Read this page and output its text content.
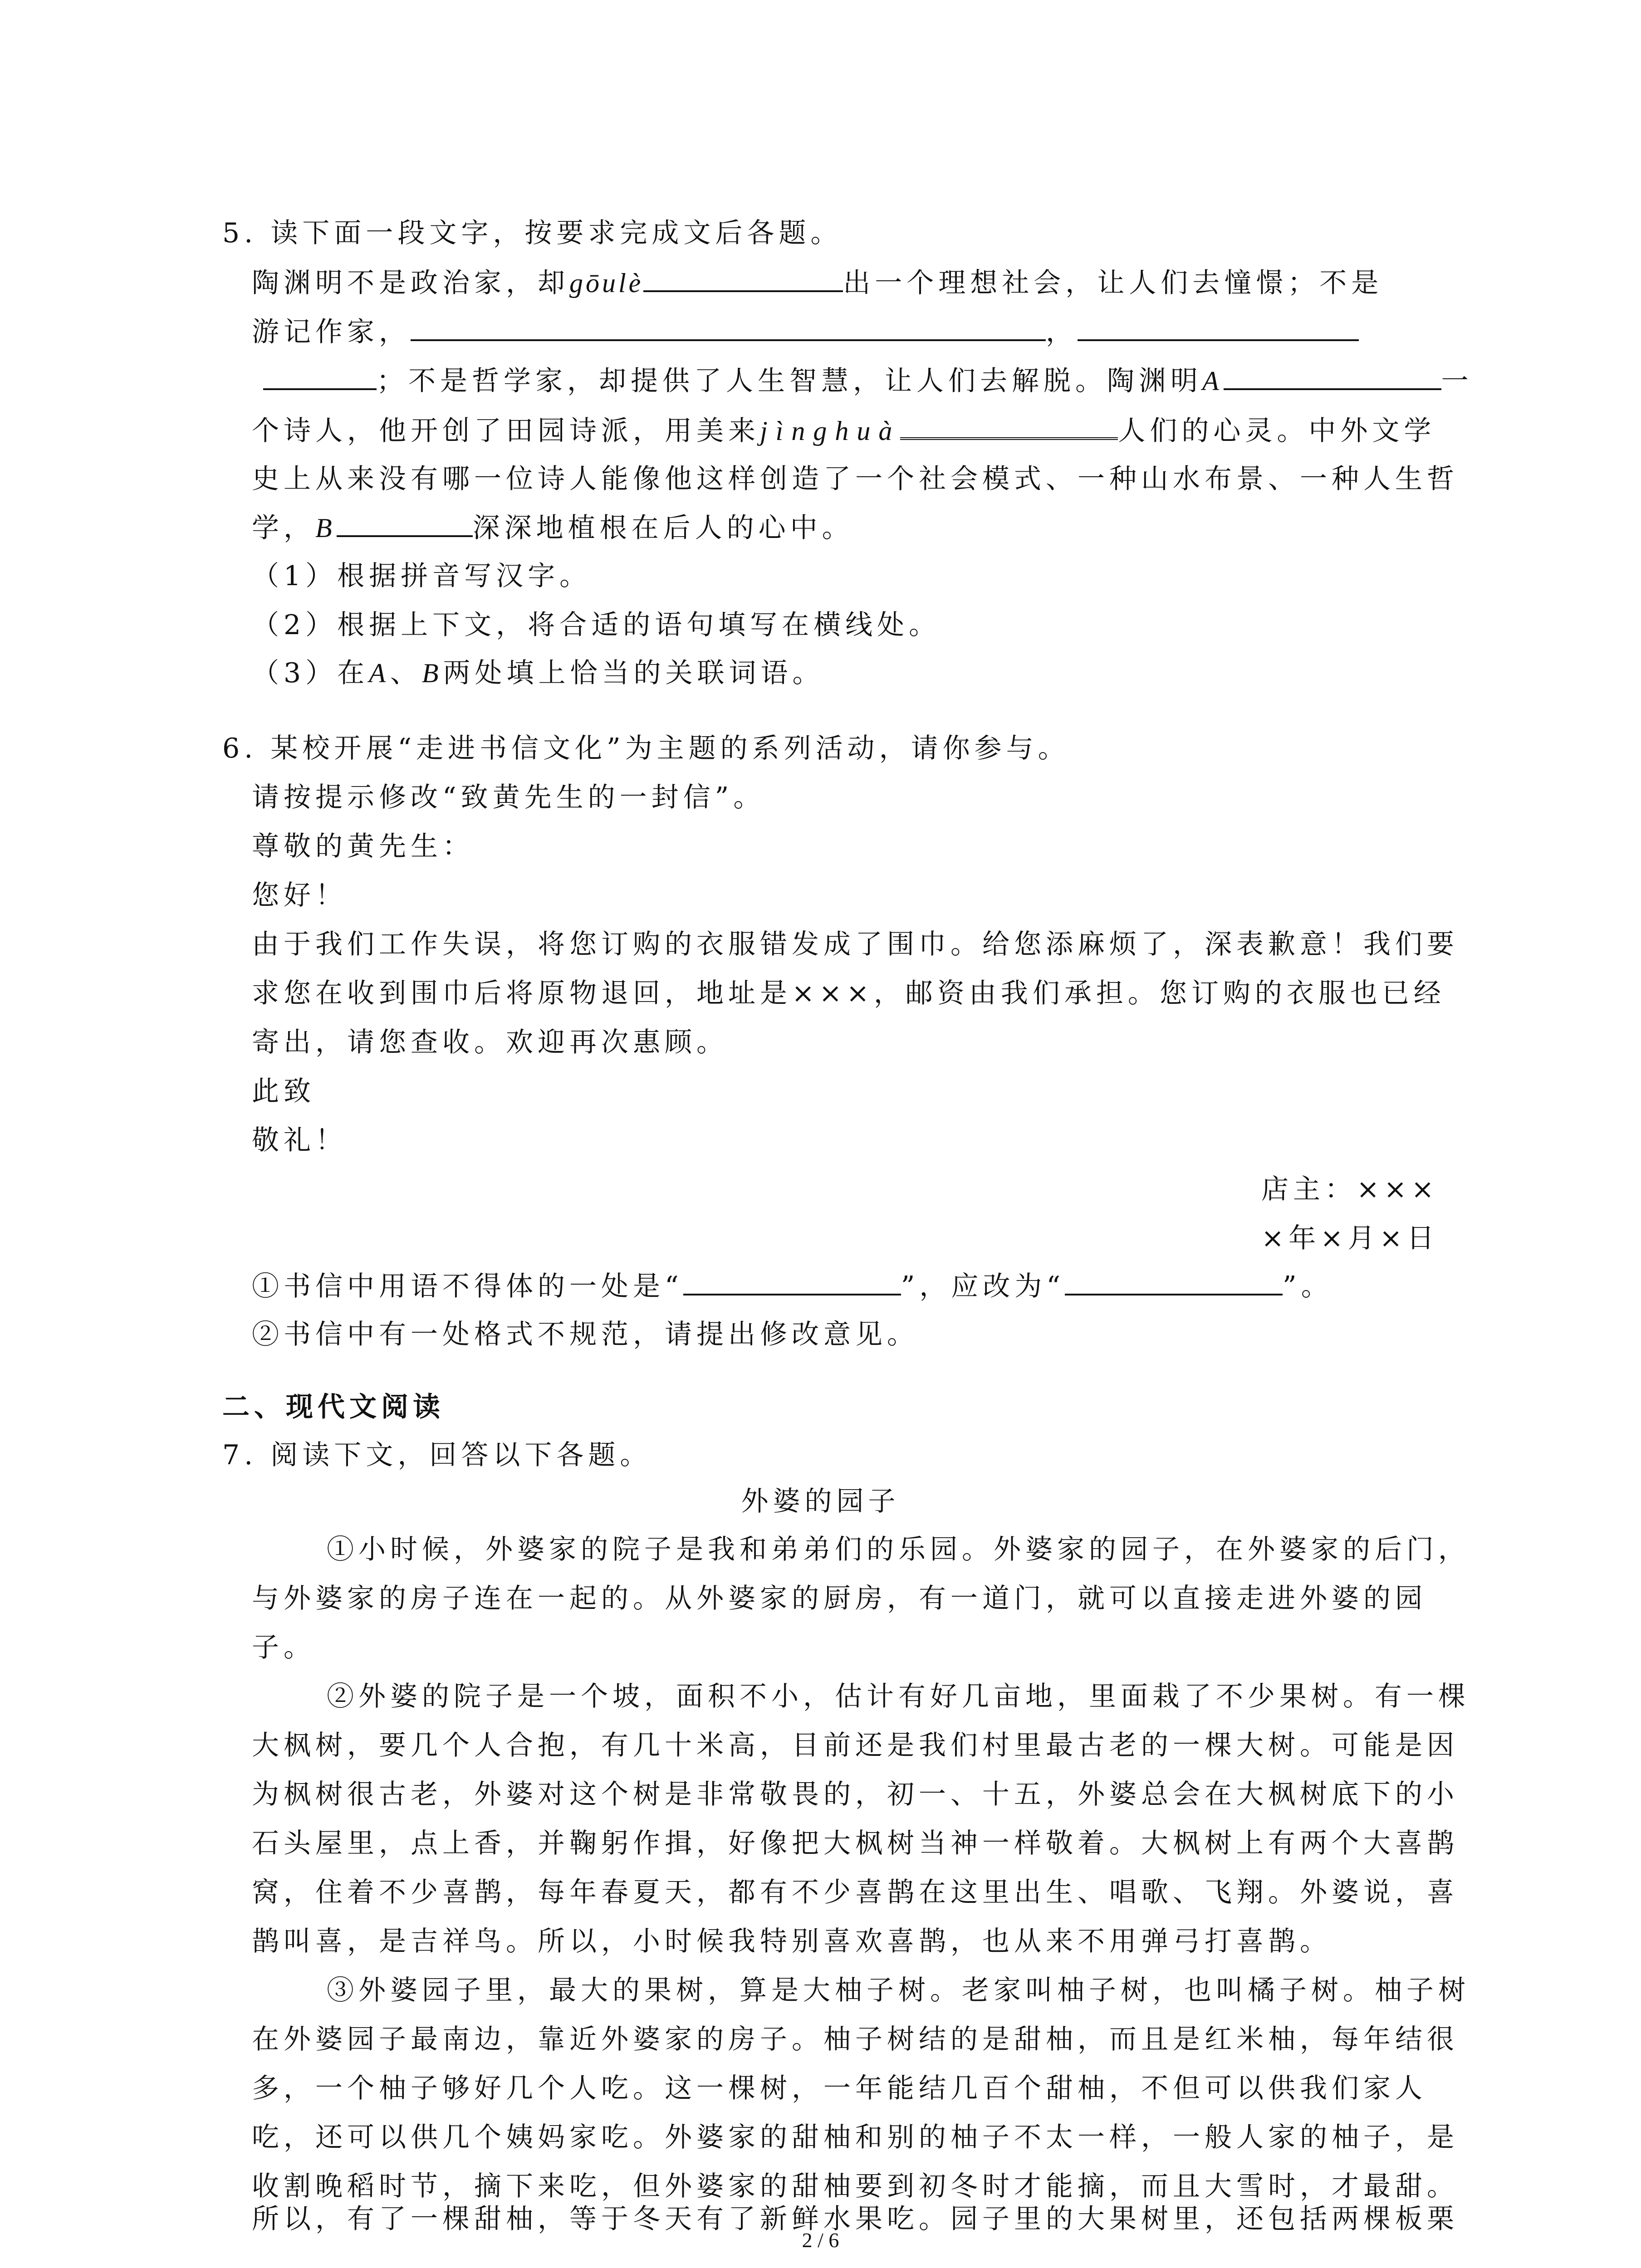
5. 读下面一段文字，按要求完成文后各题。
陶渊明不是政治家，却gōulè	出一个理想社会，让人们去憧憬；不是
游记作家，	，
；不是哲学家，却提供了人生智慧，让人们去解脱。陶渊明A	一
个诗人，他开创了田园诗派，用美来jìnghuà	人们的心灵。中外文学
史上从来没有哪一位诗人能像他这样创造了一个社会模式、一种山水布景、一种人生哲
学，B	深深地植根在后人的心中。
（1）根据拼音写汉字。
（2）根据上下文，将合适的语句填写在横线处。
（3）在A、B两处填上恰当的关联词语。
6. 某校开展“走进书信文化”为主题的系列活动，请你参与。
请按提示修改“致黄先生的一封信”。
尊敬的黄先生：
您好！
由于我们工作失误，将您订购的衣服错发成了围巾。给您添麻烦了，深表歉意！我们要
求您在收到围巾后将原物退回，地址是×××，邮资由我们承担。您订购的衣服也已经
寄出，请您查收。欢迎再次惠顾。
此致
敬礼！
店主：×××
×年×月×日
①书信中用语不得体的一处是“	”，应改为“	”。
②书信中有一处格式不规范，请提出修改意见。
二、现代文阅读
7. 阅读下文，回答以下各题。
外婆的园子
①小时候，外婆家的院子是我和弟弟们的乐园。外婆家的园子，在外婆家的后门，
与外婆家的房子连在一起的。从外婆家的厨房，有一道门，就可以直接走进外婆的园
子。
②外婆的院子是一个坡，面积不小，估计有好几亩地，里面栽了不少果树。有一棵
大枫树，要几个人合抱，有几十米高，目前还是我们村里最古老的一棵大树。可能是因
为枫树很古老，外婆对这个树是非常敬畏的，初一、十五，外婆总会在大枫树底下的小
石头屋里，点上香，并鞠躬作揖，好像把大枫树当神一样敬着。大枫树上有两个大喜鹊
窝，住着不少喜鹊，每年春夏天，都有不少喜鹊在这里出生、唱歌、飞翔。外婆说，喜
鹊叫喜，是吉祥鸟。所以，小时候我特别喜欢喜鹊，也从来不用弹弓打喜鹊。
③外婆园子里，最大的果树，算是大柚子树。老家叫柚子树，也叫橘子树。柚子树
在外婆园子最南边，靠近外婆家的房子。柚子树结的是甜柚，而且是红米柚，每年结很
多，一个柚子够好几个人吃。这一棵树，一年能结几百个甜柚，不但可以供我们家人
吃，还可以供几个姨妈家吃。外婆家的甜柚和别的柚子不太一样，一般人家的柚子，是
收割晚稻时节，摘下来吃，但外婆家的甜柚要到初冬时才能摘，而且大雪时，才最甜。
2 / 6
所以，有了一棵甜柚，等于冬天有了新鲜水果吃。园子里的大果树里，还包括两棵板栗
